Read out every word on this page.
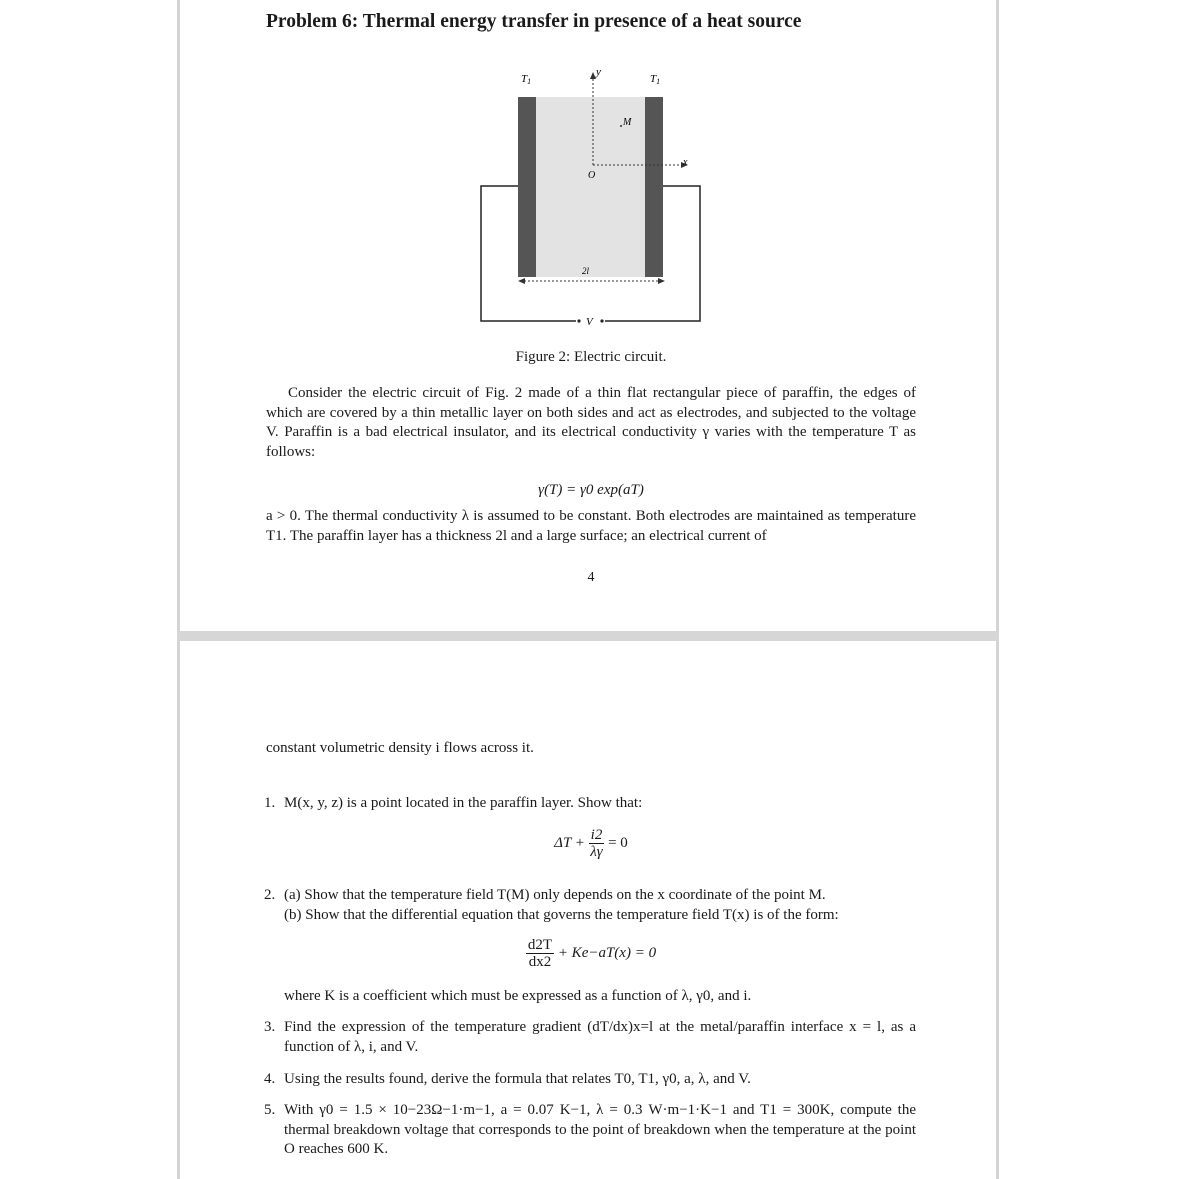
Problem 6: Thermal energy transfer in presence of a heat source
T1	T1
y
M
O
x
2l
V

Figure 2: Electric circuit.

Consider the electric circuit of Fig. 2 made of a thin flat rectangular piece of paraffin, the edges of which are covered by a thin metallic layer on both sides and act as electrodes, and subjected to the voltage V. Paraffin is a bad electrical insulator, and its electrical conductivity γ varies with the temperature T as follows:

γ(T) = γ0 exp(aT)

a > 0. The thermal conductivity λ is assumed to be constant. Both electrodes are maintained as temperature T1. The paraffin layer has a thickness 2l and a large surface; an electrical current of

4

constant volumetric density i flows across it.

1. M(x, y, z) is a point located in the paraffin layer. Show that:
$\Delta T + \frac{i2}{\lambda\gamma} = 0$
2. (a) Show that the temperature field T(M) only depends on the x coordinate of the point M.
(b) Show that the differential equation that governs the temperature field T(x) is of the form:
$\frac{d2T}{dx2} + Ke-aT(x) = 0$
where K is a coefficient which must be expressed as a function of λ, γ0, and i.
3. Find the expression of the temperature gradient (dT/dx)x=l at the metal/paraffin interface x = l, as a function of λ, i, and V.
4. Using the results found, derive the formula that relates T0, T1, γ0, a, λ, and V.
5. With γ0 = 1.5 × 10−23Ω−1·m−1, a = 0.07 K−1, λ = 0.3 W·m−1·K−1 and T1 = 300K, compute the thermal breakdown voltage that corresponds to the point of breakdown when the temperature at the point O reaches 600 K.
